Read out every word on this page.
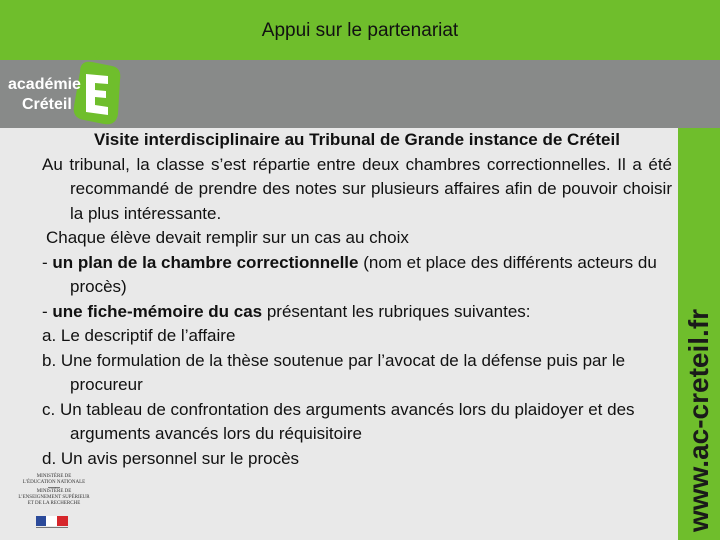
Appui sur le partenariat
académie
Créteil
www.ac-creteil.fr

Visite interdisciplinaire au Tribunal de Grande instance de Créteil

Au tribunal, la classe s’est répartie entre deux chambres correctionnelles. Il a été recommandé de prendre des notes sur plusieurs affaires afin de pouvoir choisir la plus intéressante.

Chaque élève devait remplir sur un cas au choix

- un plan de la chambre correctionnelle (nom et place des différents acteurs du procès)

- une fiche-mémoire du cas présentant les rubriques suivantes:

a. Le descriptif de l’affaire

b. Une formulation de la thèse soutenue par l’avocat de la défense puis par le procureur

c. Un tableau de confrontation des arguments avancés lors du plaidoyer et des arguments avancés lors du réquisitoire

d. Un avis personnel sur le procès

MINISTÈRE DE
L’ÉDUCATION NATIONALE
MINISTÈRE DE
L’ENSEIGNEMENT SUPÉRIEUR
ET DE LA RECHERCHE
